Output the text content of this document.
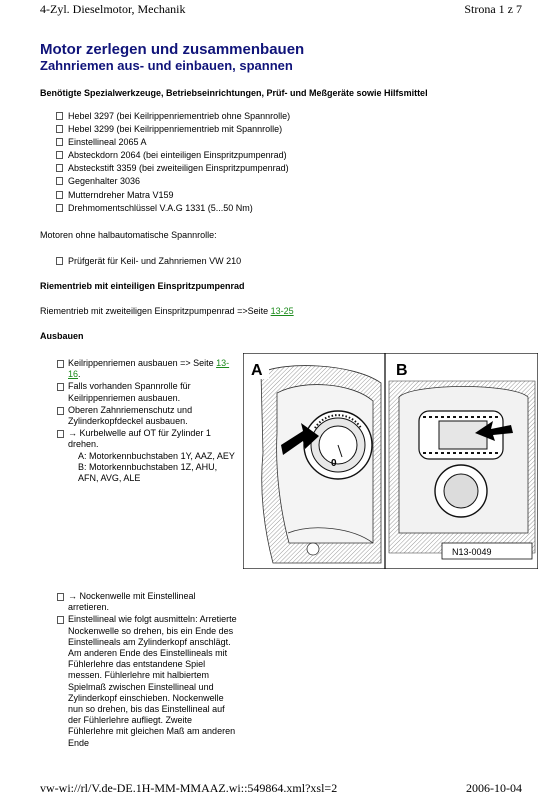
4-Zyl. Dieselmotor, Mechanik	Strona 1 z 7
Motor zerlegen und zusammenbauen
Zahnriemen aus- und einbauen, spannen
Benötigte Spezialwerkzeuge, Betriebseinrichtungen, Prüf- und Meßgeräte sowie Hilfsmittel
Hebel 3297 (bei Keilrippenriementrieb ohne Spannrolle)
Hebel 3299 (bei Keilrippenriementrieb mit Spannrolle)
Einstellineal 2065 A
Absteckdorn 2064 (bei einteiligen Einspritzpumpenrad)
Absteckstift 3359 (bei zweiteiligen Einspritzpumpenrad)
Gegenhalter 3036
Mutterndreher Matra V159
Drehmomentschlüssel V.A.G 1331 (5...50 Nm)
Motoren ohne halbautomatische Spannrolle:
Prüfgerät für Keil- und Zahnriemen VW 210
Riementrieb mit einteiligen Einspritzpumpenrad
Riementrieb mit zweiteiligen Einspritzpumpenrad =>Seite 13-25
Ausbauen
Keilrippenriemen ausbauen => Seite 13-16.
Falls vorhanden Spannrolle für Keilrippenriemen ausbauen.
Oberen Zahnriemenschutz und Zylinderkopfdeckel ausbauen.
→ Kurbelwelle auf OT für Zylinder 1 drehen.
A: Motorkennbuchstaben 1Y, AAZ, AEY
B: Motorkennbuchstaben 1Z, AHU, AFN, AVG, ALE
→ Nockenwelle mit Einstellineal arretieren.
Einstellineal wie folgt ausmitteln: Arretierte Nockenwelle so drehen, bis ein Ende des Einstellineals am Zylinderkopf anschlägt. Am anderen Ende des Einstellineals mit Fühlerlehre das entstandene Spiel messen. Fühlerlehre mit halbiertem Spielmaß zwischen Einstellineal und Zylinderkopf einschieben. Nockenwelle nun so drehen, bis das Einstellineal auf der Fühlerlehre aufliegt. Zweite Fühlerlehre mit gleichen Maß am anderen Ende
A
0
B
N13-0049
vw-wi://rl/V.de-DE.1H-MM-MMAAZ.wi::549864.xml?xsl=2	2006-10-04
